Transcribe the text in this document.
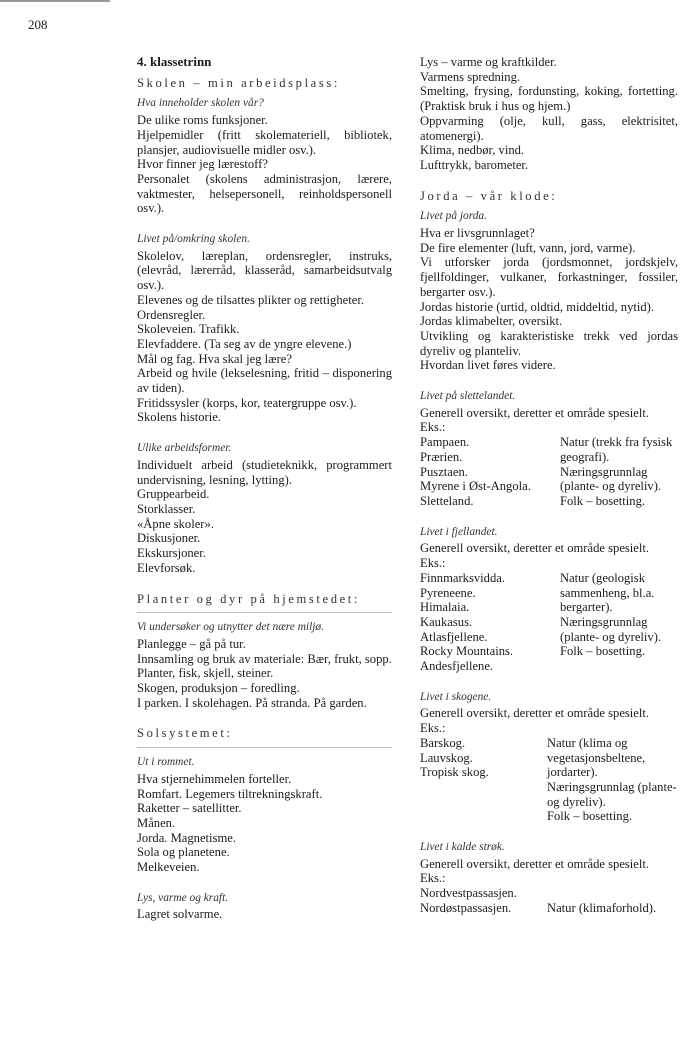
208
4. klassetrinn
Skolen – min arbeidsplass:
Hva inneholder skolen vår?
De ulike roms funksjoner.
Hjelpemidler (fritt skolemateriell, bibliotek, plansjer, audiovisuelle midler osv.).
Hvor finner jeg lærestoff?
Personalet (skolens administrasjon, lærere, vaktmester, helsepersonell, reinholdspersonell osv.).
Livet på/omkring skolen.
Skolelov, læreplan, ordensregler, instruks, (elevråd, lærerråd, klasseråd, samarbeidsutvalg osv.).
Elevenes og de tilsattes plikter og rettigheter.
Ordensregler.
Skoleveien. Trafikk.
Elevfaddere. (Ta seg av de yngre elevene.)
Mål og fag. Hva skal jeg lære?
Arbeid og hvile (lekselesning, fritid – disponering av tiden).
Fritidssysler (korps, kor, teatergruppe osv.).
Skolens historie.
Ulike arbeidsformer.
Individuelt arbeid (studieteknikk, programmert undervisning, lesning, lytting).
Gruppearbeid.
Storklasser.
«Åpne skoler».
Diskusjoner.
Ekskursjoner.
Elevforsøk.
Planter og dyr på hjemstedet:
Vi undersøker og utnytter det nære miljø.
Planlegge – gå på tur.
Innsamling og bruk av materiale: Bær, frukt, sopp.
Planter, fisk, skjell, steiner.
Skogen, produksjon – foredling.
I parken. I skolehagen. På stranda. På garden.
Solsystemet:
Ut i rommet.
Hva stjernehimmelen forteller.
Romfart. Legemers tiltrekningskraft.
Raketter – satellitter.
Månen.
Jorda. Magnetisme.
Sola og planetene.
Melkeveien.
Lys, varme og kraft.
Lagret solvarme.
Lys – varme og kraftkilder.
Varmens spredning.
Smelting, frysing, fordunsting, koking, fortetting. (Praktisk bruk i hus og hjem.)
Oppvarming (olje, kull, gass, elektrisitet, atomenergi).
Klima, nedbør, vind.
Lufttrykk, barometer.
Jorda – vår klode:
Livet på jorda.
Hva er livsgrunnlaget?
De fire elementer (luft, vann, jord, varme).
Vi utforsker jorda (jordsmonnet, jordskjelv, fjellfoldinger, vulkaner, forkastninger, fossiler, bergarter osv.).
Jordas historie (urtid, oldtid, middeltid, nytid).
Jordas klimabelter, oversikt.
Utvikling og karakteristiske trekk ved jordas dyreliv og planteliv.
Hvordan livet føres videre.
Livet på slettelandet.
Generell oversikt, deretter et område spesielt.
Eks.:
Pampaen.
Prærien.
Pusztaen.
Myrene i Øst-Angola.
Sletteland.
Natur (trekk fra fysisk geografi).
Næringsgrunnlag (plante- og dyreliv).
Folk – bosetting.
Livet i fjellandet.
Generell oversikt, deretter et område spesielt.
Eks.:
Finnmarksvidda.
Pyreneene.
Himalaia.
Kaukasus.
Atlasfjellene.
Rocky Mountains.
Andesfjellene.
Natur (geologisk sammenheng, bl.a. bergarter).
Næringsgrunnlag (plante- og dyreliv).
Folk – bosetting.
Livet i skogene.
Generell oversikt, deretter et område spesielt.
Eks.:
Barskog.
Lauvskog.
Tropisk skog.
Natur (klima og vegetasjonsbeltene, jordarter).
Næringsgrunnlag (plante- og dyreliv).
Folk – bosetting.
Livet i kalde strøk.
Generell oversikt, deretter et område spesielt.
Eks.:
Nordvestpassasjen.
Nordøstpassasjen.
	Natur (klimaforhold).
